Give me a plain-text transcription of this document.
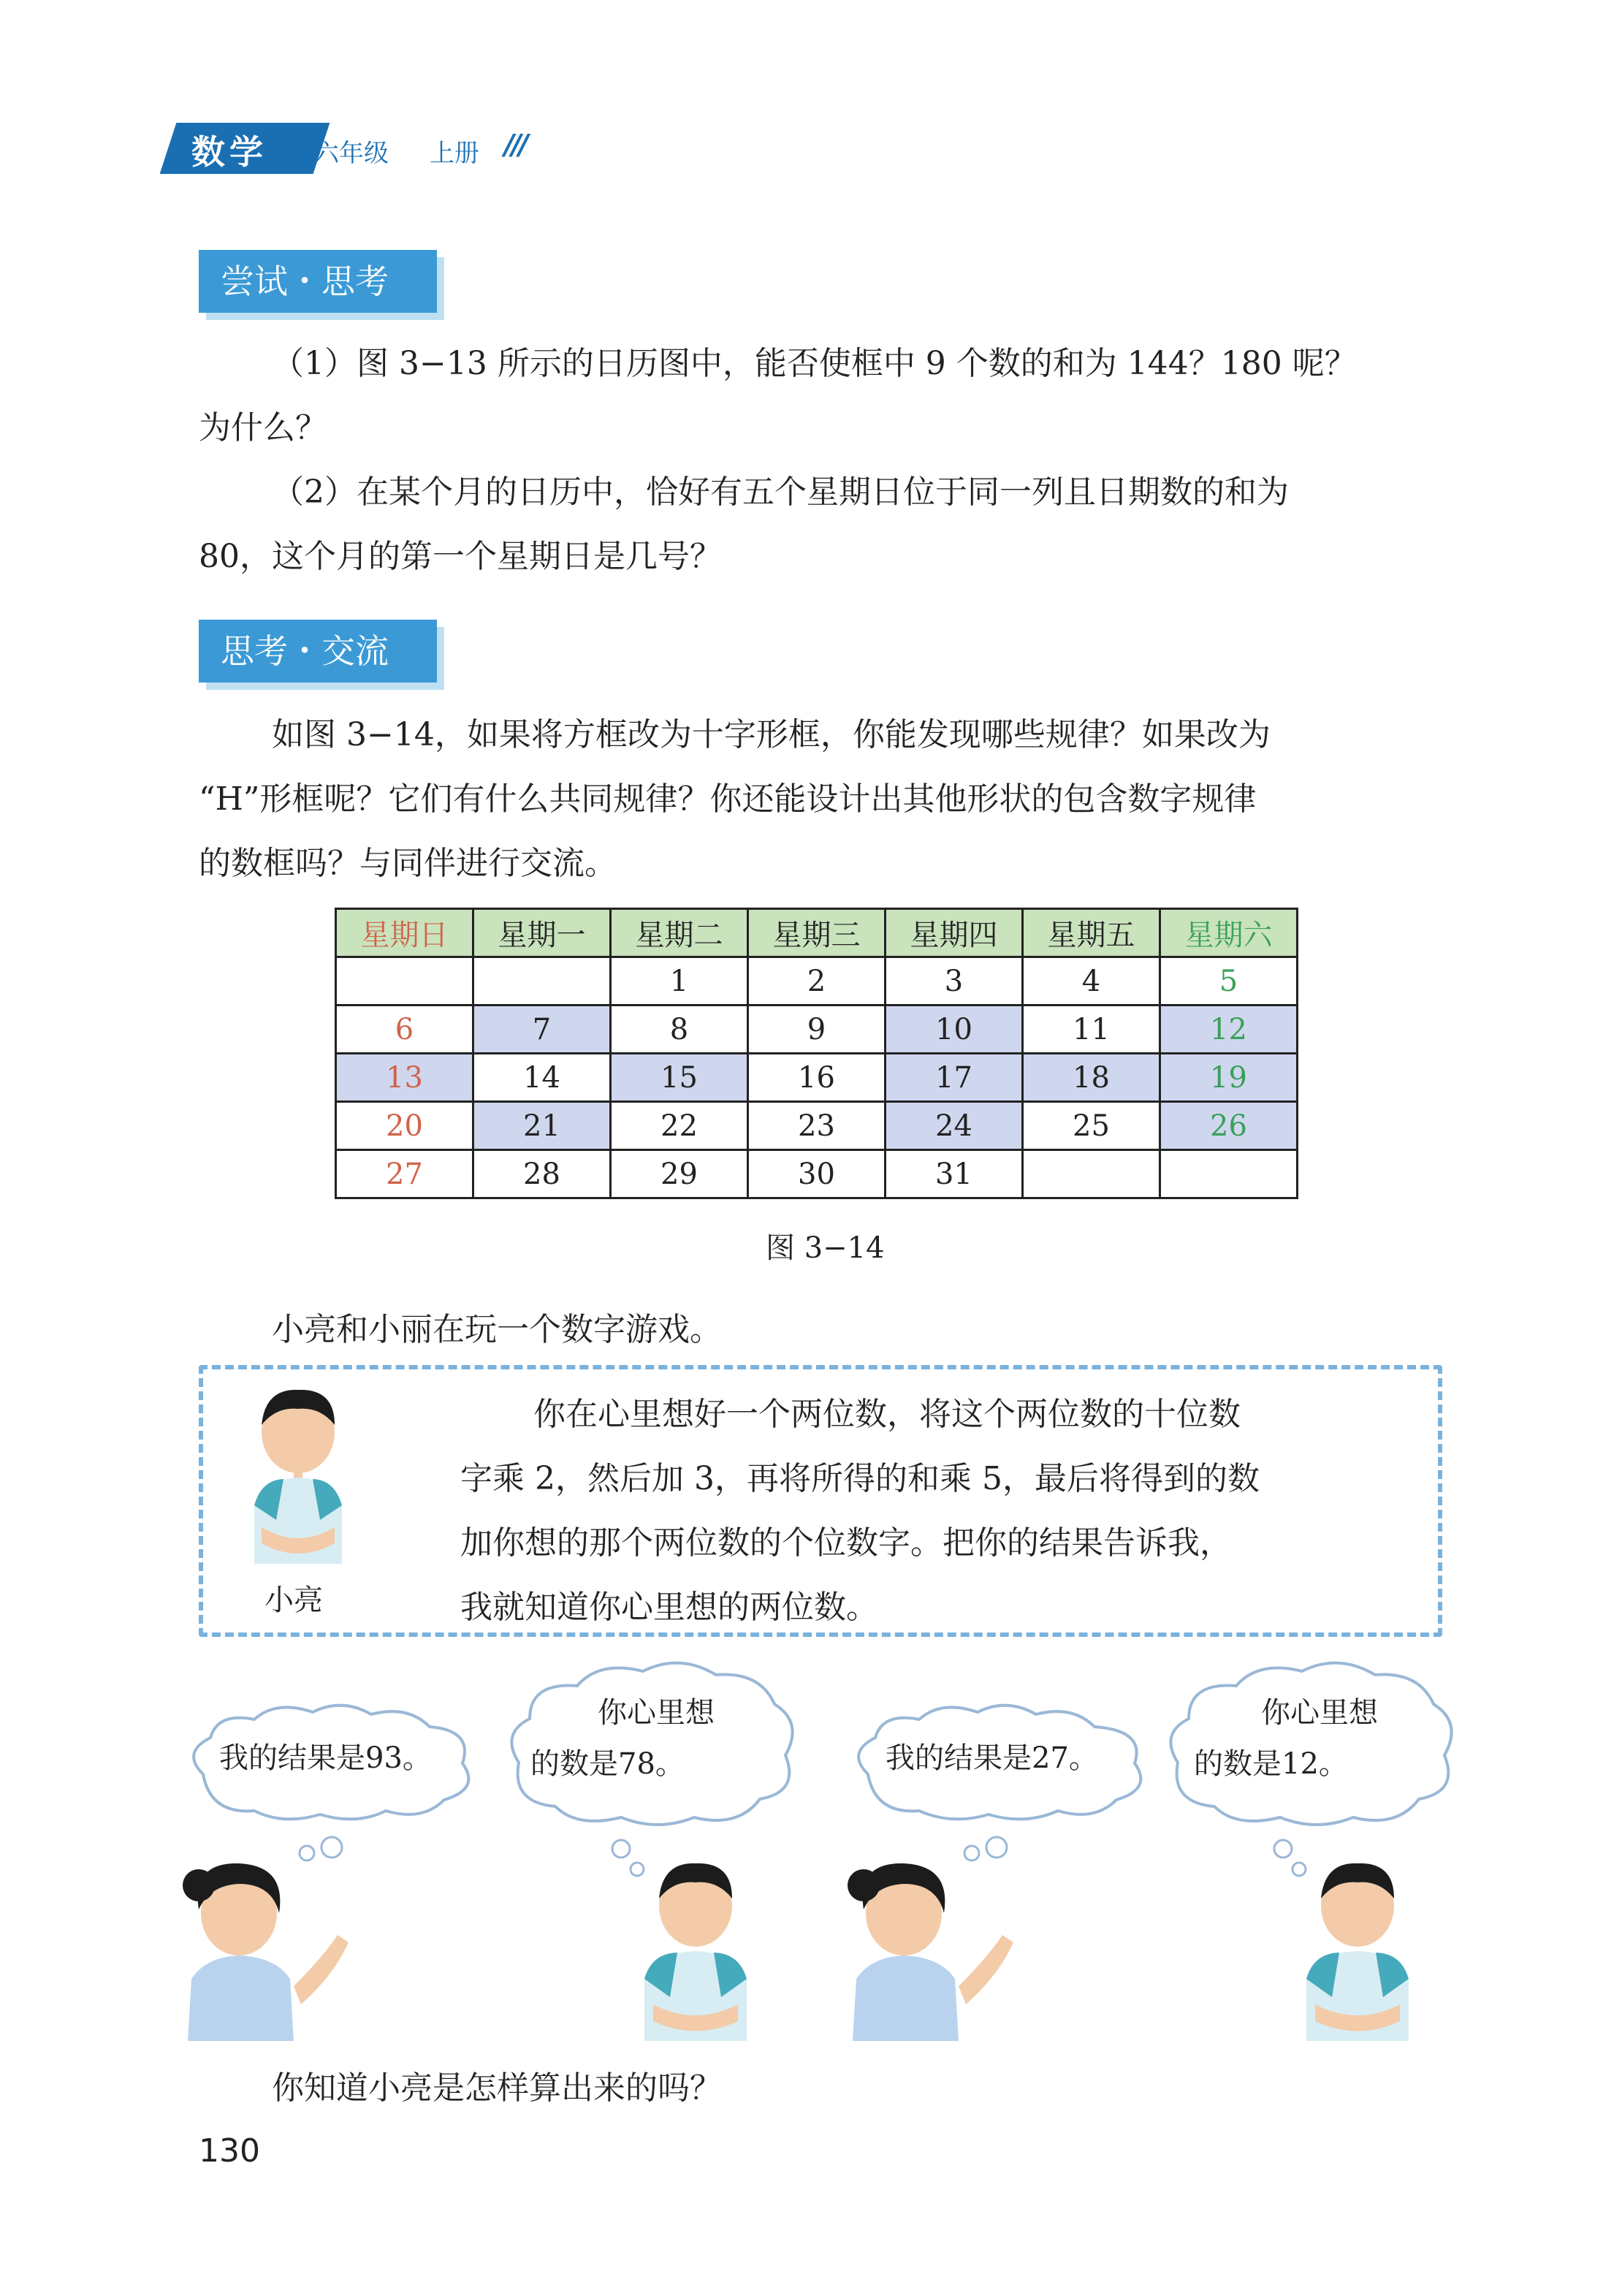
数学 六年级 上册 ///
尝试・思考
（1）图 3−13 所示的日历图中，能否使框中 9 个数的和为 144？180 呢？
为什么？
（2）在某个月的日历中，恰好有五个星期日位于同一列且日期数的和为
80，这个月的第一个星期日是几号？
思考・交流
如图 3−14，如果将方框改为十字形框，你能发现哪些规律？如果改为
“H”形框呢？它们有什么共同规律？你还能设计出其他形状的包含数字规律
的数框吗？与同伴进行交流。
星期日	星期一	星期二	星期三	星期四	星期五	星期六
		1	2	3	4	5
6	7	8	9	10	11	12
13	14	15	16	17	18	19
20	21	22	23	24	25	26
27	28	29	30	31		
图 3−14
小亮和小丽在玩一个数字游戏。
小亮
你在心里想好一个两位数，将这个两位数的十位数
字乘 2，然后加 3，再将所得的和乘 5，最后将得到的数
加你想的那个两位数的个位数字。把你的结果告诉我，
我就知道你心里想的两位数。
我的结果是93。
你心里想
的数是78。	我的结果是27。
你心里想
的数是12。
你知道小亮是怎样算出来的吗？
130
